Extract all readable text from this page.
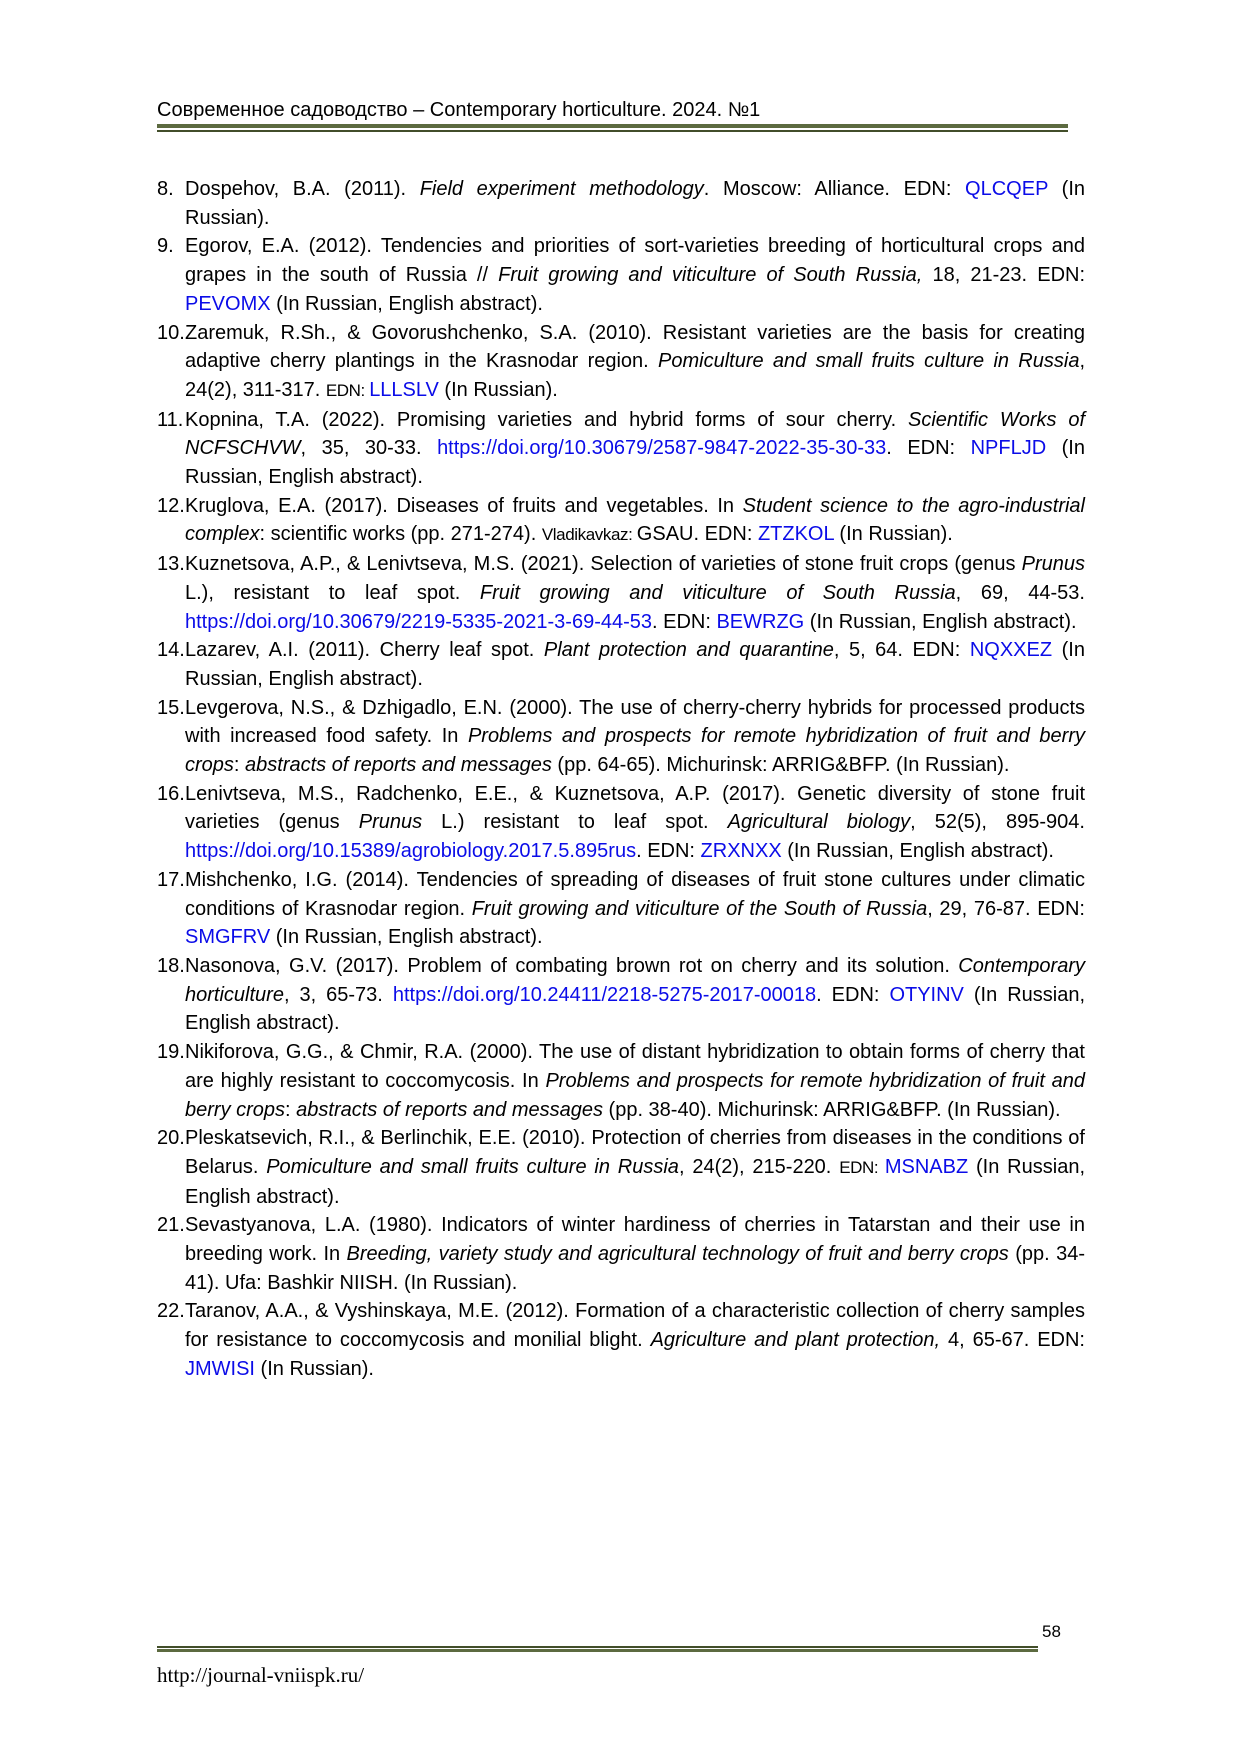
Современное садоводство – Contemporary horticulture. 2024. №1

8. Dospehov, B.A. (2011). Field experiment methodology. Moscow: Alliance. EDN: QLCQEP (In Russian).

9. Egorov, E.A. (2012). Tendencies and priorities of sort-varieties breeding of horticultural crops and grapes in the south of Russia // Fruit growing and viticulture of South Russia, 18, 21-23. EDN: PEVOMX (In Russian, English abstract).

10.Zaremuk, R.Sh., & Govorushchenko, S.A. (2010). Resistant varieties are the basis for creating adaptive cherry plantings in the Krasnodar region. Pomiculture and small fruits culture in Russia, 24(2), 311-317. EDN: LLLSLV (In Russian).

11.Kopnina, T.A. (2022). Promising varieties and hybrid forms of sour cherry. Scientific Works of NCFSCHVW, 35, 30-33. https://doi.org/10.30679/2587-9847-2022-35-30-33. EDN: NPFLJD (In Russian, English abstract).

12.Kruglova, E.A. (2017). Diseases of fruits and vegetables. In Student science to the agro-industrial complex: scientific works (pp. 271-274). Vladikavkaz: GSAU. EDN: ZTZKOL (In Russian).

13.Kuznetsova, A.P., & Lenivtseva, M.S. (2021). Selection of varieties of stone fruit crops (genus Prunus L.), resistant to leaf spot. Fruit growing and viticulture of South Russia, 69, 44-53. https://doi.org/10.30679/2219-5335-2021-3-69-44-53. EDN: BEWRZG (In Russian, English abstract).

14.Lazarev, A.I. (2011). Cherry leaf spot. Plant protection and quarantine, 5, 64. EDN: NQXXEZ (In Russian, English abstract).

15.Levgerova, N.S., & Dzhigadlo, E.N. (2000). The use of cherry-cherry hybrids for processed products with increased food safety. In Problems and prospects for remote hybridization of fruit and berry crops: abstracts of reports and messages (pp. 64-65). Michurinsk: ARRIG&BFP. (In Russian).

16.Lenivtseva, M.S., Radchenko, E.E., & Kuznetsova, A.P. (2017). Genetic diversity of stone fruit varieties (genus Prunus L.) resistant to leaf spot. Agricultural biology, 52(5), 895-904. https://doi.org/10.15389/agrobiology.2017.5.895rus. EDN: ZRXNXX (In Russian, English abstract).

17.Mishchenko, I.G. (2014). Tendencies of spreading of diseases of fruit stone cultures under climatic conditions of Krasnodar region. Fruit growing and viticulture of the South of Russia, 29, 76-87. EDN: SMGFRV (In Russian, English abstract).

18.Nasonova, G.V. (2017). Problem of combating brown rot on cherry and its solution. Contemporary horticulture, 3, 65-73. https://doi.org/10.24411/2218-5275-2017-00018. EDN: OTYINV (In Russian, English abstract).

19.Nikiforova, G.G., & Chmir, R.A. (2000). The use of distant hybridization to obtain forms of cherry that are highly resistant to coccomycosis. In Problems and prospects for remote hybridization of fruit and berry crops: abstracts of reports and messages (pp. 38-40). Michurinsk: ARRIG&BFP. (In Russian).

20.Pleskatsevich, R.I., & Berlinchik, E.E. (2010). Protection of cherries from diseases in the conditions of Belarus. Pomiculture and small fruits culture in Russia, 24(2), 215-220. EDN: MSNABZ (In Russian, English abstract).

21.Sevastyanova, L.A. (1980). Indicators of winter hardiness of cherries in Tatarstan and their use in breeding work. In Breeding, variety study and agricultural technology of fruit and berry crops (pp. 34-41). Ufa: Bashkir NIISH. (In Russian).

22.Taranov, A.A., & Vyshinskaya, M.E. (2012). Formation of a characteristic collection of cherry samples for resistance to coccomycosis and monilial blight. Agriculture and plant protection, 4, 65-67. EDN: JMWISI (In Russian).

58
http://journal-vniispk.ru/
